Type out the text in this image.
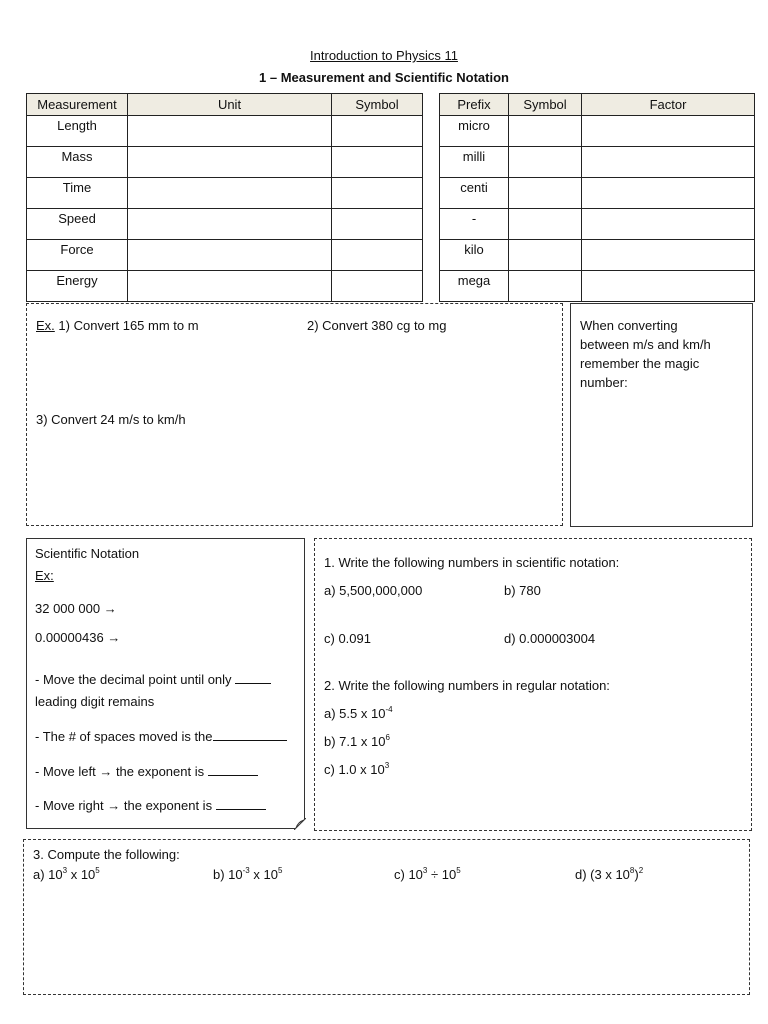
Introduction to Physics 11
1 – Measurement and Scientific Notation
Measurement	Unit	Symbol
Length		
Mass		
Time		
Speed		
Force		
Energy		
Prefix	Symbol	Factor
micro		
milli		
centi		
-		
kilo		
mega		
Ex. 1) Convert 165 mm to m	2) Convert 380 cg to mg
3) Convert 24 m/s to km/h
When converting
between m/s and km/h
remember the magic
number:
Scientific Notation
Ex:
32 000 000 →
0.00000436 →
- Move the decimal point until only
leading digit remains
- The # of spaces moved is the
- Move left → the exponent is
- Move right → the exponent is
1. Write the following numbers in scientific notation:
a) 5,500,000,000	b) 780
c) 0.091	d) 0.000003004
2. Write the following numbers in regular notation:
a) 5.5 x $10^{-4}$
b) 7.1 x $10^6$
c) 1.0 x $10^3$
3. Compute the following:
a) $10^3$ x $10^5$	b) $10^{-3}$ x $10^5$	c) $10^3 \div 10^5$	d) (3 x $10^8)^2$
